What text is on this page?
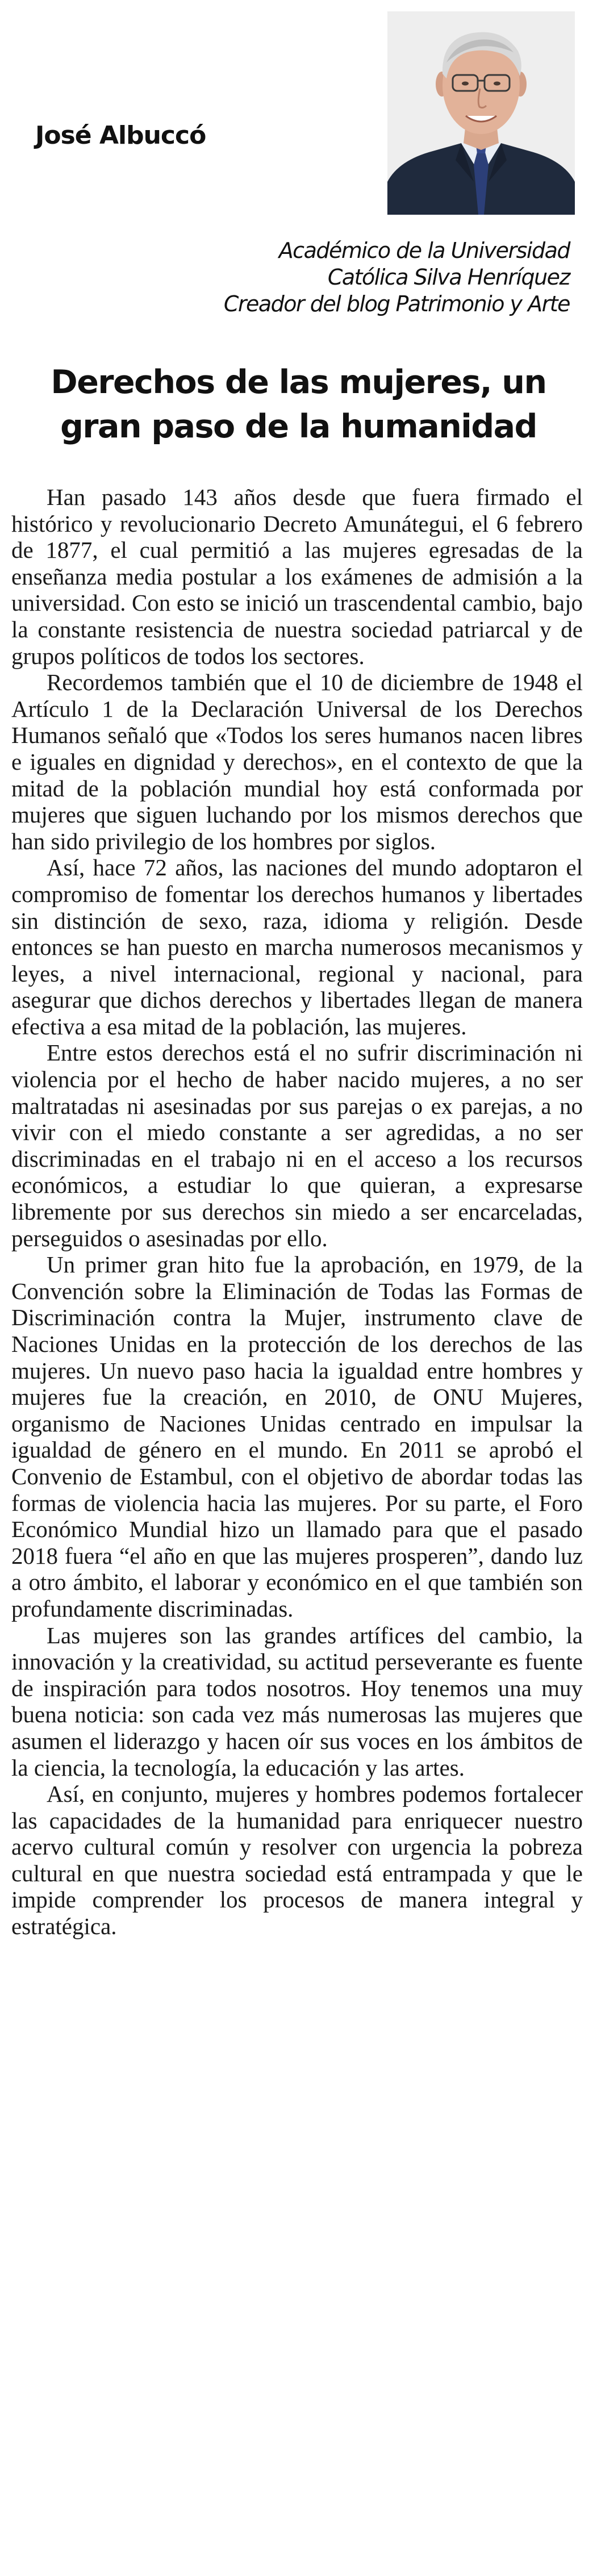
José Albuccó
Académico de la Universidad
Católica Silva Henríquez
Creador del blog Patrimonio y Arte
Derechos de las mujeres, un
gran paso de la humanidad

Han pasado 143 años desde que fuera firmado el histórico y revolucionario Decreto Amunátegui, el 6 febrero de 1877, el cual permitió a las mujeres egresadas de la enseñanza media postular a los exámenes de admisión a la universidad. Con esto se inició un trascendental cambio, bajo la constante resistencia de nuestra sociedad patriarcal y de grupos políticos de todos los sectores.

Recordemos también que el 10 de diciembre de 1948 el Artículo 1 de la Declaración Universal de los Derechos Humanos señaló que «Todos los seres humanos nacen libres e iguales en dignidad y derechos», en el contexto de que la mitad de la población mundial hoy está conformada por mujeres que siguen luchando por los mismos derechos que han sido privilegio de los hombres por siglos.

Así, hace 72 años, las naciones del mundo adoptaron el compromiso de fomentar los derechos humanos y libertades sin distinción de sexo, raza, idioma y religión. Desde entonces se han puesto en marcha numerosos mecanismos y leyes, a nivel internacional, regional y nacional, para asegurar que dichos derechos y libertades llegan de manera efectiva a esa mitad de la población, las mujeres.

Entre estos derechos está el no sufrir discriminación ni violencia por el hecho de haber nacido mujeres, a no ser maltratadas ni asesinadas por sus parejas o ex parejas, a no vivir con el miedo constante a ser agredidas, a no ser discriminadas en el trabajo ni en el acceso a los recursos económicos, a estudiar lo que quieran, a expresarse libremente por sus derechos sin miedo a ser encarceladas, perseguidos o asesinadas por ello.

Un primer gran hito fue la aprobación, en 1979, de la Convención sobre la Eliminación de Todas las Formas de Discriminación contra la Mujer, instrumento clave de Naciones Unidas en la protección de los derechos de las mujeres. Un nuevo paso hacia la igualdad entre hombres y mujeres fue la creación, en 2010, de ONU Mujeres, organismo de Naciones Unidas centrado en impulsar la igualdad de género en el mundo. En 2011 se aprobó el Convenio de Estambul, con el objetivo de abordar todas las formas de violencia hacia las mujeres. Por su parte, el Foro Económico Mundial hizo un llamado para que el pasado 2018 fuera “el año en que las mujeres prosperen”, dando luz a otro ámbito, el laborar y económico en el que también son profundamente discriminadas.

Las mujeres son las grandes artífices del cambio, la innovación y la creatividad, su actitud perseverante es fuente de inspiración para todos nosotros. Hoy tenemos una muy buena noticia: son cada vez más numerosas las mujeres que asumen el liderazgo y hacen oír sus voces en los ámbitos de la ciencia, la tecnología, la educación y las artes.

Así, en conjunto, mujeres y hombres podemos fortalecer las capacidades de la humanidad para enriquecer nuestro acervo cultural común y resolver con urgencia la pobreza cultural en que nuestra sociedad está entrampada y que le impide comprender los procesos de manera integral y estratégica.
